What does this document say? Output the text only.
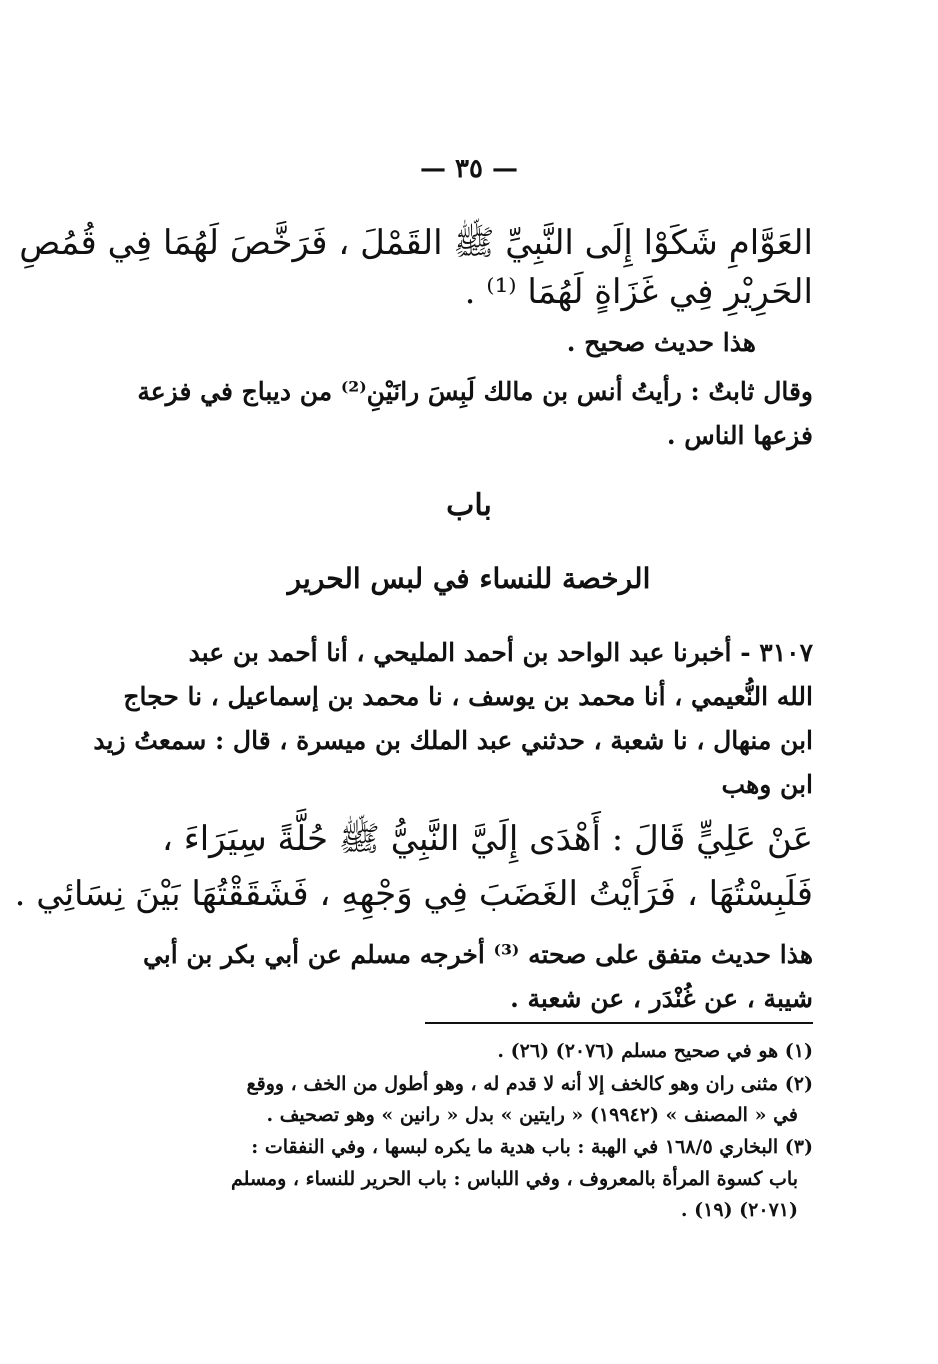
— ٣٥ —
العَوَّامِ شَكَوْا إِلَى النَّبِيِّ ﷺ القَمْلَ ، فَرَخَّصَ لَهُمَا فِي قُمُصِ
الحَرِيْرِ فِي غَزَاةٍ لَهُمَا ⁽¹⁾ .
هذا حديث صحيح .
وقال ثابتٌ : رأيتُ أنس بن مالك لَبِسَ رانَيْنِ⁽²⁾ من ديباج في فزعة
فزعها الناس .
باب
الرخصة للنساء في لبس الحرير
٣١٠٧ - أخبرنا عبد الواحد بن أحمد المليحي ، أنا أحمد بن عبد
الله النُّعيمي ، أنا محمد بن يوسف ، نا محمد بن إسماعيل ، نا حجاج
ابن منهال ، نا شعبة ، حدثني عبد الملك بن ميسرة ، قال : سمعتُ زيد
ابن وهب
عَنْ عَلِيٍّ قَالَ : أَهْدَى إِلَيَّ النَّبِيُّ ﷺ حُلَّةً سِيَرَاءَ ،
فَلَبِسْتُهَا ، فَرَأَيْتُ الغَضَبَ فِي وَجْهِهِ ، فَشَقَقْتُهَا بَيْنَ نِسَائِي .
هذا حديث متفق على صحته ⁽³⁾ أخرجه مسلم عن أبي بكر بن أبي
شيبة ، عن غُنْدَر ، عن شعبة .
(١) هو في صحيح مسلم (٢٠٧٦) (٢٦) .
(٢) مثنى ران وهو كالخف إلا أنه لا قدم له ، وهو أطول من الخف ، ووقع
في « المصنف » (١٩٩٤٢) « رايتين » بدل « رانين » وهو تصحيف .
(٣) البخاري ١٦٨/٥ في الهبة : باب هدية ما يكره لبسها ، وفي النفقات :
باب كسوة المرأة بالمعروف ، وفي اللباس : باب الحرير للنساء ، ومسلم
(٢٠٧١) (١٩) .
